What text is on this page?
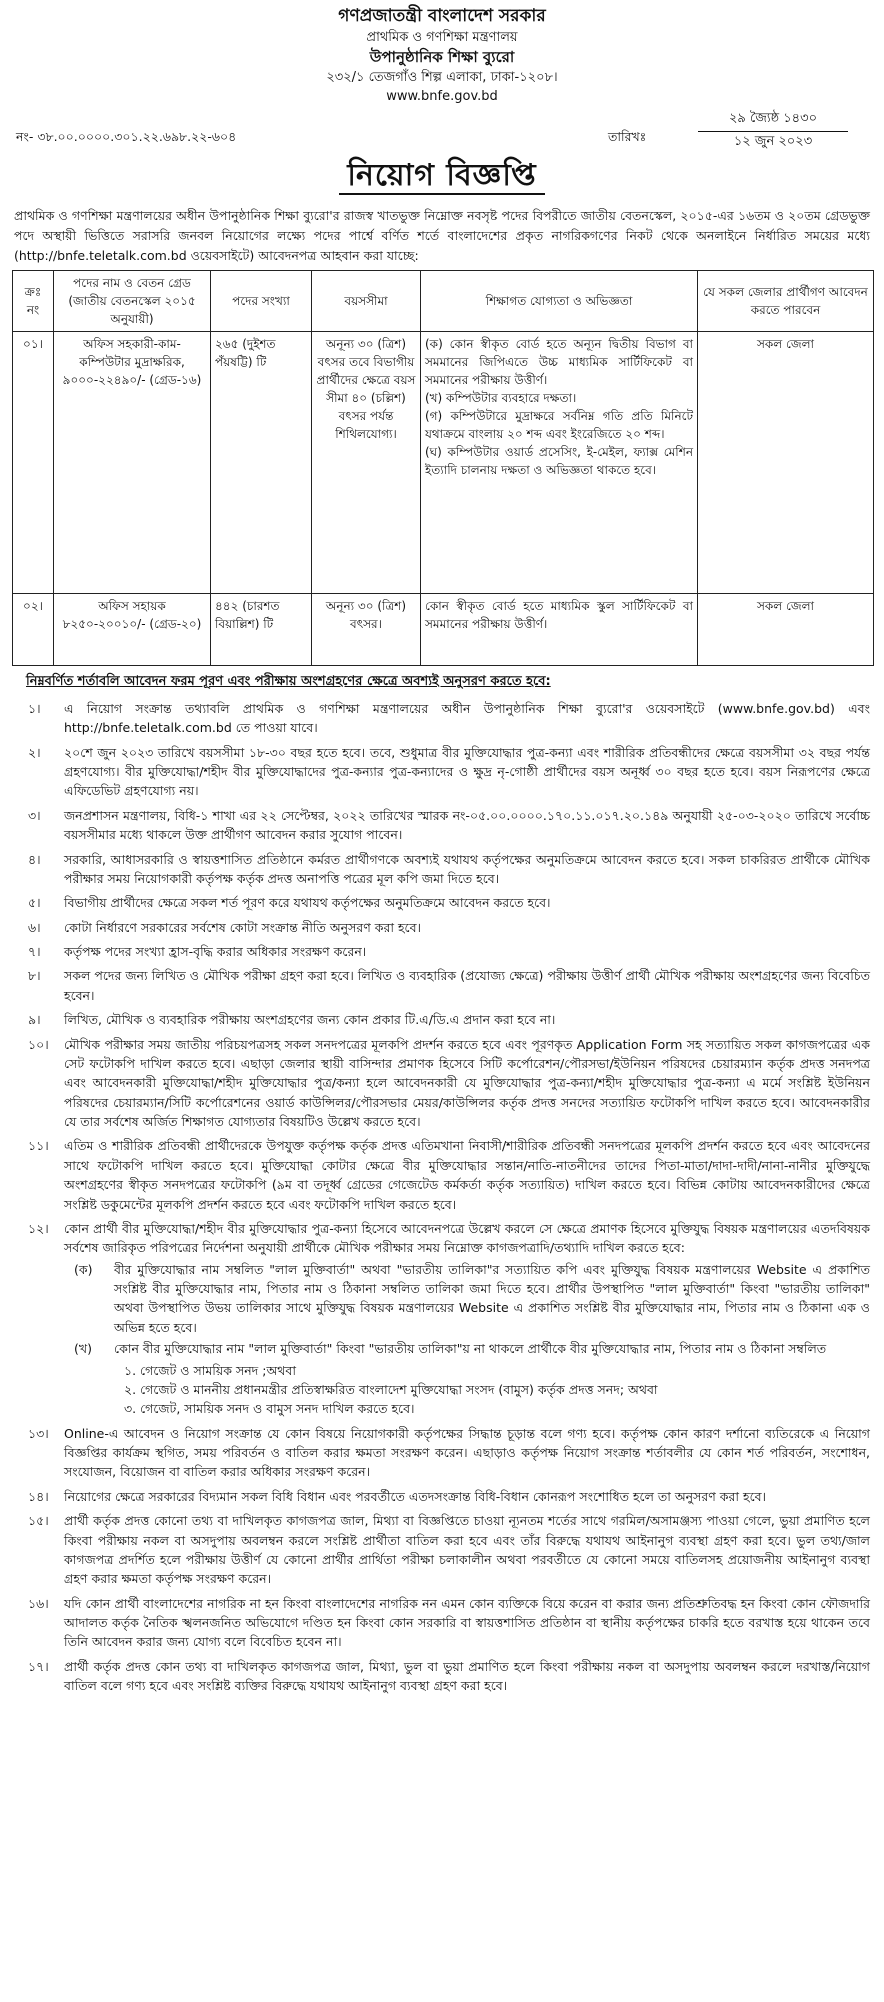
গণপ্রজাতন্ত্রী বাংলাদেশ সরকার
প্রাথমিক ও গণশিক্ষা মন্ত্রণালয়
উপানুষ্ঠানিক শিক্ষা ব্যুরো
২৩২/১ তেজগাঁও শিল্প এলাকা, ঢাকা-১২০৮।
www.bnfe.gov.bd
নং- ৩৮.০০.০০০০.৩০১.২২.৬৯৮.২২-৬০৪	তারিখঃ
২৯ জ্যৈষ্ঠ ১৪৩০
১২ জুন ২০২৩
নিয়োগ বিজ্ঞপ্তি
প্রাথমিক ও গণশিক্ষা মন্ত্রণালয়ের অধীন উপানুষ্ঠানিক শিক্ষা ব্যুরো'র রাজস্ব খাতভুক্ত নিম্নোক্ত নবসৃষ্ট পদের বিপরীতে জাতীয় বেতনস্কেল, ২০১৫-এর ১৬তম ও ২০তম গ্রেডভুক্ত পদে অস্থায়ী ভিত্তিতে সরাসরি জনবল নিয়োগের লক্ষ্যে পদের পার্শ্বে বর্ণিত শর্তে বাংলাদেশের প্রকৃত নাগরিকগণের নিকট থেকে অনলাইনে নির্ধারিত সময়ের মধ্যে (http://bnfe.teletalk.com.bd ওয়েবসাইটে) আবেদনপত্র আহবান করা যাচ্ছে:
ক্রঃ নং	পদের নাম ও বেতন গ্রেড (জাতীয় বেতনস্কেল ২০১৫ অনুযায়ী)	পদের সংখ্যা	বয়সসীমা	শিক্ষাগত যোগ্যতা ও অভিজ্ঞতা	যে সকল জেলার প্রার্থীগণ আবেদন করতে পারবেন
০১।	অফিস সহকারী-কাম-কম্পিউটার মুদ্রাক্ষরিক, ৯০০০-২২৪৯০/- (গ্রেড-১৬)	২৬৫ (দুইশত পঁয়ষট্টি) টি	অনূন্য ৩০ (ত্রিশ) বৎসর তবে বিভাগীয় প্রার্থীদের ক্ষেত্রে বয়স সীমা ৪০ (চল্লিশ) বৎসর পর্যন্ত শিথিলযোগ্য।	(ক) কোন স্বীকৃত বোর্ড হতে অন্যূন দ্বিতীয় বিভাগ বা সমমানের জিপিএতে উচ্চ মাধ্যমিক সার্টিফিকেট বা সমমানের পরীক্ষায় উত্তীর্ণ।
(খ) কম্পিউটার ব্যবহারে দক্ষতা।
(গ) কম্পিউটারে মুদ্রাক্ষরে সর্বনিম্ন গতি প্রতি মিনিটে যথাক্রমে বাংলায় ২০ শব্দ এবং ইংরেজিতে ২০ শব্দ।
(ঘ) কম্পিউটার ওয়ার্ড প্রসেসিং, ই-মেইল, ফ্যাক্স মেশিন ইত্যাদি চালনায় দক্ষতা ও অভিজ্ঞতা থাকতে হবে।	সকল জেলা
০২।	অফিস সহায়ক ৮২৫০-২০০১০/- (গ্রেড-২০)	৪৪২ (চারশত বিয়াল্লিশ) টি	অনূন্য ৩০ (ত্রিশ) বৎসর।	কোন স্বীকৃত বোর্ড হতে মাধ্যমিক স্কুল সার্টিফিকেট বা সমমানের পরীক্ষায় উত্তীর্ণ।	সকল জেলা
নিম্নবর্ণিত শর্তাবলি আবেদন ফরম পূরণ এবং পরীক্ষায় অংশগ্রহণের ক্ষেত্রে অবশ্যই অনুসরণ করতে হবে:
১।	এ নিয়োগ সংক্রান্ত তথ্যাবলি প্রাথমিক ও গণশিক্ষা মন্ত্রণালয়ের অধীন উপানুষ্ঠানিক শিক্ষা ব্যুরো'র ওয়েবসাইটে (www.bnfe.gov.bd) এবং http://bnfe.teletalk.com.bd তে পাওয়া যাবে।
২।	২০শে জুন ২০২৩ তারিখে বয়সসীমা ১৮-৩০ বছর হতে হবে। তবে, শুধুমাত্র বীর মুক্তিযোদ্ধার পুত্র-কন্যা এবং শারীরিক প্রতিবন্ধীদের ক্ষেত্রে বয়সসীমা ৩২ বছর পর্যন্ত গ্রহণযোগ্য। বীর মুক্তিযোদ্ধা/শহীদ বীর মুক্তিযোদ্ধাদের পুত্র-কন্যার পুত্র-কন্যাদের ও ক্ষুদ্র নৃ-গোষ্ঠী প্রার্থীদের বয়স অনূর্ধ্ব ৩০ বছর হতে হবে। বয়স নিরূপণের ক্ষেত্রে এফিডেভিট গ্রহণযোগ্য নয়।
৩।	জনপ্রশাসন মন্ত্রণালয়, বিধি-১ শাখা এর ২২ সেপ্টেম্বর, ২০২২ তারিখের স্মারক নং-০৫.০০.০০০০.১৭০.১১.০১৭.২০.১৪৯ অনুযায়ী ২৫-০৩-২০২০ তারিখে সর্বোচ্চ বয়সসীমার মধ্যে থাকলে উক্ত প্রার্থীগণ আবেদন করার সুযোগ পাবেন।
৪।	সরকারি, আধাসরকারি ও স্বায়ত্তশাসিত প্রতিষ্ঠানে কর্মরত প্রার্থীগণকে অবশ্যই যথাযথ কর্তৃপক্ষের অনুমতিক্রমে আবেদন করতে হবে। সকল চাকরিরত প্রার্থীকে মৌখিক পরীক্ষার সময় নিয়োগকারী কর্তৃপক্ষ কর্তৃক প্রদত্ত অনাপত্তি পত্রের মূল কপি জমা দিতে হবে।
৫।	বিভাগীয় প্রার্থীদের ক্ষেত্রে সকল শর্ত পূরণ করে যথাযথ কর্তৃপক্ষের অনুমতিক্রমে আবেদন করতে হবে।
৬।	কোটা নির্ধারণে সরকারের সর্বশেষ কোটা সংক্রান্ত নীতি অনুসরণ করা হবে।
৭।	কর্তৃপক্ষ পদের সংখ্যা হ্রাস-বৃদ্ধি করার অধিকার সংরক্ষণ করেন।
৮।	সকল পদের জন্য লিখিত ও মৌখিক পরীক্ষা গ্রহণ করা হবে। লিখিত ও ব্যবহারিক (প্রযোজ্য ক্ষেত্রে) পরীক্ষায় উত্তীর্ণ প্রার্থী মৌখিক পরীক্ষায় অংশগ্রহণের জন্য বিবেচিত হবেন।
৯।	লিখিত, মৌখিক ও ব্যবহারিক পরীক্ষায় অংশগ্রহণের জন্য কোন প্রকার টি.এ/ডি.এ প্রদান করা হবে না।
১০।	মৌখিক পরীক্ষার সময় জাতীয় পরিচয়পত্রসহ সকল সনদপত্রের মূলকপি প্রদর্শন করতে হবে এবং পূরণকৃত Application Form সহ সত্যায়িত সকল কাগজপত্রের এক সেট ফটোকপি দাখিল করতে হবে। এছাড়া জেলার স্থায়ী বাসিন্দার প্রমাণক হিসেবে সিটি কর্পোরেশন/পৌরসভা/ইউনিয়ন পরিষদের চেয়ারম্যান কর্তৃক প্রদত্ত সনদপত্র এবং আবেদনকারী মুক্তিযোদ্ধা/শহীদ মুক্তিযোদ্ধার পুত্র/কন্যা হলে আবেদনকারী যে মুক্তিযোদ্ধার পুত্র-কন্যা/শহীদ মুক্তিযোদ্ধার পুত্র-কন্যা এ মর্মে সংশ্লিষ্ট ইউনিয়ন পরিষদের চেয়ারম্যান/সিটি কর্পোরেশনের ওয়ার্ড কাউন্সিলর/পৌরসভার মেয়র/কাউন্সিলর কর্তৃক প্রদত্ত সনদের সত্যায়িত ফটোকপি দাখিল করতে হবে। আবেদনকারীর যে তার সর্বশেষ অর্জিত শিক্ষাগত যোগ্যতার বিষয়টিও উল্লেখ করতে হবে।
১১।	এতিম ও শারীরিক প্রতিবন্ধী প্রার্থীদেরকে উপযুক্ত কর্তৃপক্ষ কর্তৃক প্রদত্ত এতিমখানা নিবাসী/শারীরিক প্রতিবন্ধী সনদপত্রের মূলকপি প্রদর্শন করতে হবে এবং আবেদনের সাথে ফটোকপি দাখিল করতে হবে। মুক্তিযোদ্ধা কোটার ক্ষেত্রে বীর মুক্তিযোদ্ধার সন্তান/নাতি-নাতনীদের তাদের পিতা-মাতা/দাদা-দাদী/নানা-নানীর মুক্তিযুদ্ধে অংশগ্রহণের স্বীকৃত সনদপত্রের ফটোকপি (৯ম বা তদূর্ধ্ব গ্রেডের গেজেটেড কর্মকর্তা কর্তৃক সত্যায়িত) দাখিল করতে হবে। বিভিন্ন কোটায় আবেদনকারীদের ক্ষেত্রে সংশ্লিষ্ট ডকুমেন্টের মূলকপি প্রদর্শন করতে হবে এবং ফটোকপি দাখিল করতে হবে।
১২।	কোন প্রার্থী বীর মুক্তিযোদ্ধা/শহীদ বীর মুক্তিযোদ্ধার পুত্র-কন্যা হিসেবে আবেদনপত্রে উল্লেখ করলে সে ক্ষেত্রে প্রমাণক হিসেবে মুক্তিযুদ্ধ বিষয়ক মন্ত্রণালয়ের এতদবিষয়ক সর্বশেষ জারিকৃত পরিপত্রের নির্দেশনা অনুযায়ী প্রার্থীকে মৌখিক পরীক্ষার সময় নিম্নোক্ত কাগজপত্রাদি/তথ্যাদি দাখিল করতে হবে:
(ক)	বীর মুক্তিযোদ্ধার নাম সম্বলিত "লাল মুক্তিবার্তা" অথবা "ভারতীয় তালিকা"র সত্যায়িত কপি এবং মুক্তিযুদ্ধ বিষয়ক মন্ত্রণালয়ের Website এ প্রকাশিত সংশ্লিষ্ট বীর মুক্তিযোদ্ধার নাম, পিতার নাম ও ঠিকানা সম্বলিত তালিকা জমা দিতে হবে। প্রার্থীর উপস্থাপিত "লাল মুক্তিবার্তা" কিংবা "ভারতীয় তালিকা" অথবা উপস্থাপিত উভয় তালিকার সাথে মুক্তিযুদ্ধ বিষয়ক মন্ত্রণালয়ের Website এ প্রকাশিত সংশ্লিষ্ট বীর মুক্তিযোদ্ধার নাম, পিতার নাম ও ঠিকানা এক ও অভিন্ন হতে হবে।
(খ)	কোন বীর মুক্তিযোদ্ধার নাম "লাল মুক্তিবার্তা" কিংবা "ভারতীয় তালিকা"য় না থাকলে প্রার্থীকে বীর মুক্তিযোদ্ধার নাম, পিতার নাম ও ঠিকানা সম্বলিত
১. গেজেট ও সাময়িক সনদ ;অথবা
২. গেজেট ও মাননীয় প্রধানমন্ত্রীর প্রতিস্বাক্ষরিত বাংলাদেশ মুক্তিযোদ্ধা সংসদ (বামুস) কর্তৃক প্রদত্ত সনদ; অথবা
৩. গেজেট, সাময়িক সনদ ও বামুস সনদ দাখিল করতে হবে।
১৩।	Online-এ আবেদন ও নিয়োগ সংক্রান্ত যে কোন বিষয়ে নিয়োগকারী কর্তৃপক্ষের সিদ্ধান্ত চূড়ান্ত বলে গণ্য হবে। কর্তৃপক্ষ কোন কারণ দর্শানো ব্যতিরেকে এ নিয়োগ বিজ্ঞপ্তির কার্যক্রম স্থগিত, সময় পরিবর্তন ও বাতিল করার ক্ষমতা সংরক্ষণ করেন। এছাড়াও কর্তৃপক্ষ নিয়োগ সংক্রান্ত শর্তাবলীর যে কোন শর্ত পরিবর্তন, সংশোধন, সংযোজন, বিয়োজন বা বাতিল করার অধিকার সংরক্ষণ করেন।
১৪।	নিয়োগের ক্ষেত্রে সরকারের বিদ্যমান সকল বিধি বিধান এবং পরবর্তীতে এতদসংক্রান্ত বিধি-বিধান কোনরূপ সংশোধিত হলে তা অনুসরণ করা হবে।
১৫।	প্রার্থী কর্তৃক প্রদত্ত কোনো তথ্য বা দাখিলকৃত কাগজপত্র জাল, মিথ্যা বা বিজ্ঞপ্তিতে চাওয়া ন্যূনতম শর্তের সাথে গরমিল/অসামঞ্জস্য পাওয়া গেলে, ভুয়া প্রমাণিত হলে কিংবা পরীক্ষায় নকল বা অসদুপায় অবলম্বন করলে সংশ্লিষ্ট প্রার্থীতা বাতিল করা হবে এবং তাঁর বিরুদ্ধে যথাযথ আইনানুগ ব্যবস্থা গ্রহণ করা হবে। ভুল তথ্য/জাল কাগজপত্র প্রদর্শিত হলে পরীক্ষায় উত্তীর্ণ যে কোনো প্রার্থীর প্রার্থিতা পরীক্ষা চলাকালীন অথবা পরবর্তীতে যে কোনো সময়ে বাতিলসহ প্রয়োজনীয় আইনানুগ ব্যবস্থা গ্রহণ করার ক্ষমতা কর্তৃপক্ষ সংরক্ষণ করেন।
১৬।	যদি কোন প্রার্থী বাংলাদেশের নাগরিক না হন কিংবা বাংলাদেশের নাগরিক নন এমন কোন ব্যক্তিকে বিয়ে করেন বা করার জন্য প্রতিশ্রুতিবদ্ধ হন কিংবা কোন ফৌজদারি আদালত কর্তৃক নৈতিক স্খলনজনিত অভিযোগে দণ্ডিত হন কিংবা কোন সরকারি বা স্বায়ত্তশাসিত প্রতিষ্ঠান বা স্থানীয় কর্তৃপক্ষের চাকরি হতে বরখাস্ত হয়ে থাকেন তবে তিনি আবেদন করার জন্য যোগ্য বলে বিবেচিত হবেন না।
১৭।	প্রার্থী কর্তৃক প্রদত্ত কোন তথ্য বা দাখিলকৃত কাগজপত্র জাল, মিথ্যা, ভুল বা ভুয়া প্রমাণিত হলে কিংবা পরীক্ষায় নকল বা অসদুপায় অবলম্বন করলে দরখাস্ত/নিয়োগ বাতিল বলে গণ্য হবে এবং সংশ্লিষ্ট ব্যক্তির বিরুদ্ধে যথাযথ আইনানুগ ব্যবস্থা গ্রহণ করা হবে।
